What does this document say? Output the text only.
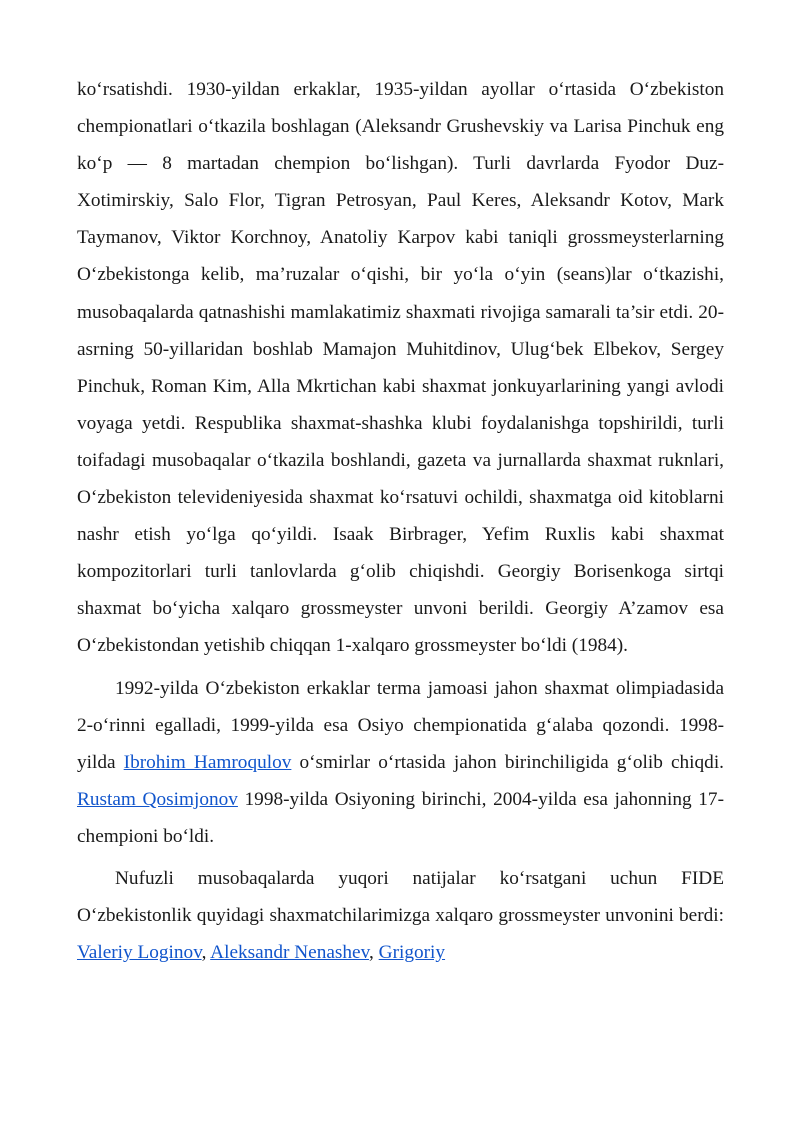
ko‘rsatishdi. 1930-yildan erkaklar, 1935-yildan ayollar o‘rtasida O‘zbekiston chempionatlari o‘tkazila boshlagan (Aleksandr Grushevskiy va Larisa Pinchuk eng ko‘p — 8 martadan chempion bo‘lishgan). Turli davrlarda Fyodor Duz-Xotimirskiy, Salo Flor, Tigran Petrosyan, Paul Keres, Aleksandr Kotov, Mark Taymanov, Viktor Korchnoy, Anatoliy Karpov kabi taniqli grossmeysterlarning O‘zbekistonga kelib, ma’ruzalar o‘qishi, bir yo‘la o‘yin (seans)lar o‘tkazishi, musobaqalarda qatnashishi mamlakatimiz shaxmati rivojiga samarali ta’sir etdi. 20-asrning 50-yillaridan boshlab Mamajon Muhitdinov, Ulug‘bek Elbekov, Sergey Pinchuk, Roman Kim, Alla Mkrtichan kabi shaxmat jonkuyarlarining yangi avlodi voyaga yetdi. Respublika shaxmat-shashka klubi foydalanishga topshirildi, turli toifadagi musobaqalar o‘tkazila boshlandi, gazeta va jurnallarda shaxmat ruknlari, O‘zbekiston televideniyesida shaxmat ko‘rsatuvi ochildi, shaxmatga oid kitoblarni nashr etish yo‘lga qo‘yildi. Isaak Birbrager, Yefim Ruxlis kabi shaxmat kompozitorlari turli tanlovlarda g‘olib chiqishdi. Georgiy Borisenkoga sirtqi shaxmat bo‘yicha xalqaro grossmeyster unvoni berildi. Georgiy A’zamov esa O‘zbekistondan yetishib chiqqan 1-xalqaro grossmeyster bo‘ldi (1984).

1992-yilda O‘zbekiston erkaklar terma jamoasi jahon shaxmat olimpiadasida 2-o‘rinni egalladi, 1999-yilda esa Osiyo chempionatida g‘alaba qozondi. 1998-yilda Ibrohim Hamroqulov o‘smirlar o‘rtasida jahon birinchiligida g‘olib chiqdi. Rustam Qosimjonov 1998-yilda Osiyoning birinchi, 2004-yilda esa jahonning 17-chempioni bo‘ldi.

Nufuzli musobaqalarda yuqori natijalar ko‘rsatgani uchun FIDE O‘zbekistonlik quyidagi shaxmatchilarimizga xalqaro grossmeyster unvonini berdi: Valeriy Loginov, Aleksandr Nenashev, Grigoriy
